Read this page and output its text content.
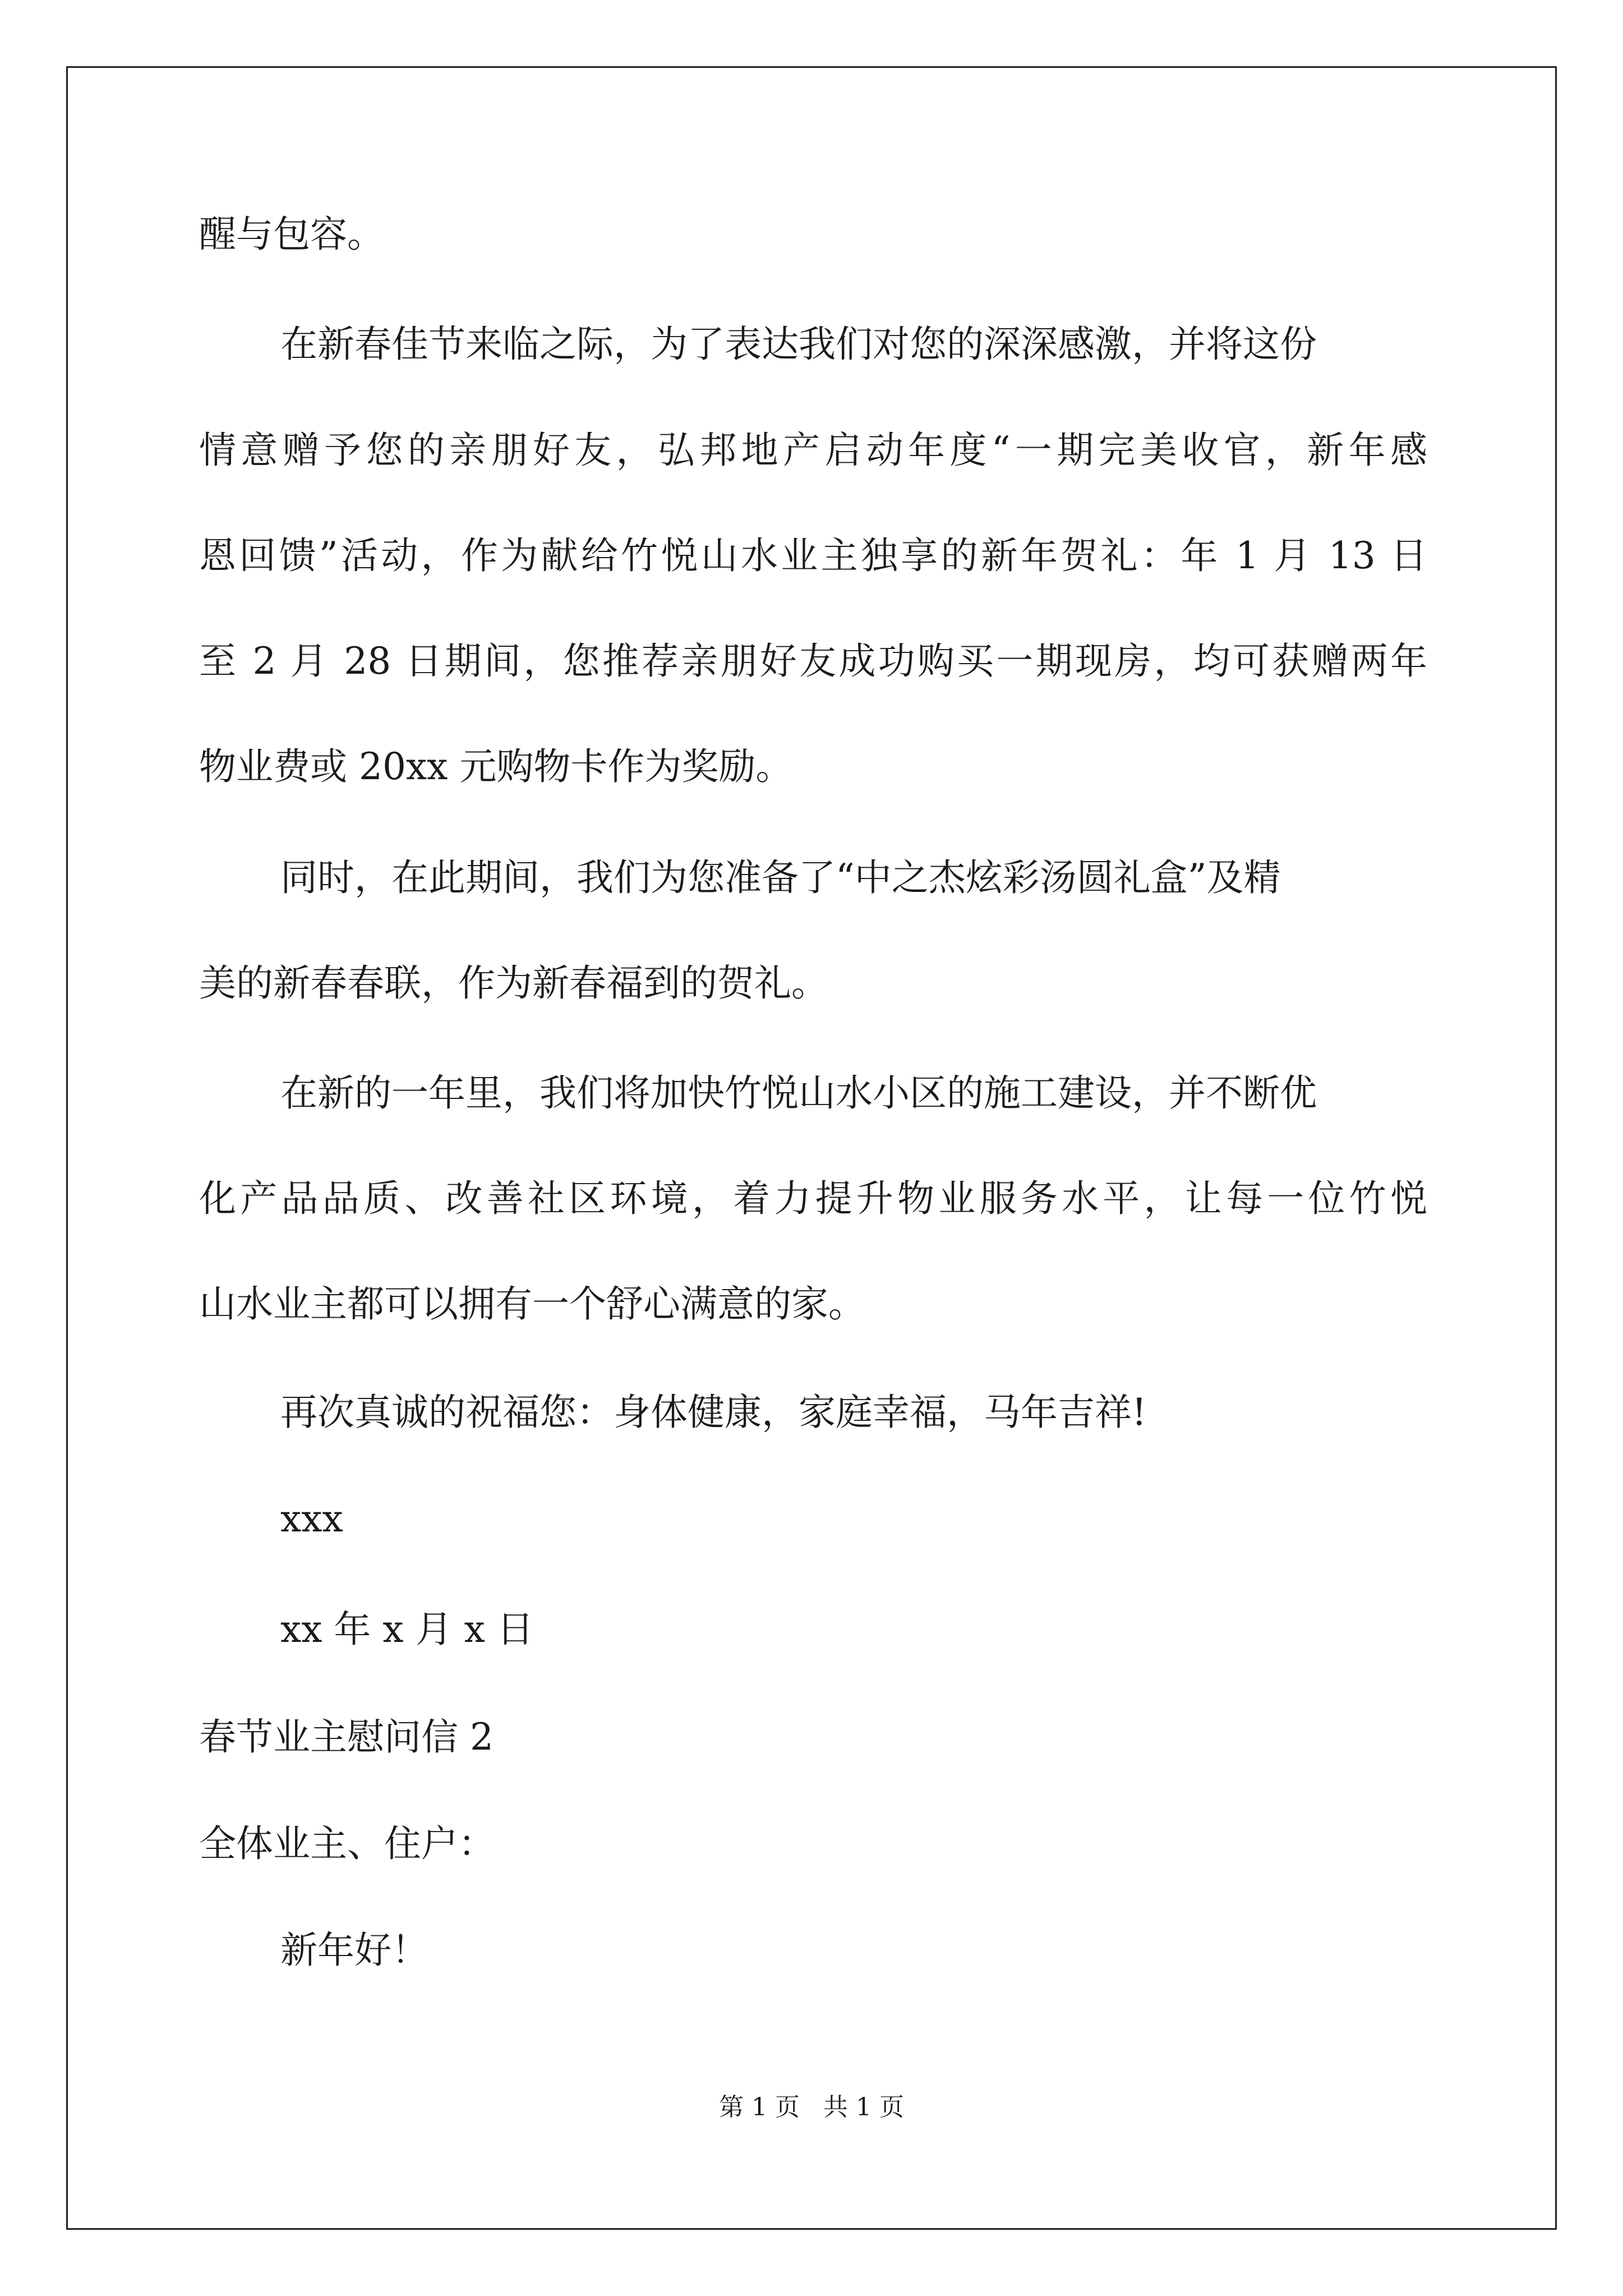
醒与包容。
在新春佳节来临之际，为了表达我们对您的深深感激，并将这份
情意赠予您的亲朋好友，弘邦地产启动年度“一期完美收官，新年感
恩回馈”活动，作为献给竹悦山水业主独享的新年贺礼：年 1 月 13 日
至 2 月 28 日期间，您推荐亲朋好友成功购买一期现房，均可获赠两年
物业费或 20xx 元购物卡作为奖励。
同时，在此期间，我们为您准备了“中之杰炫彩汤圆礼盒”及精
美的新春春联，作为新春福到的贺礼。
在新的一年里，我们将加快竹悦山水小区的施工建设，并不断优
化产品品质、改善社区环境，着力提升物业服务水平，让每一位竹悦
山水业主都可以拥有一个舒心满意的家。
再次真诚的祝福您：身体健康，家庭幸福，马年吉祥!
xxx
xx 年 x 月 x 日
春节业主慰问信 2
全体业主、住户：
新年好！
第 1 页   共 1 页
